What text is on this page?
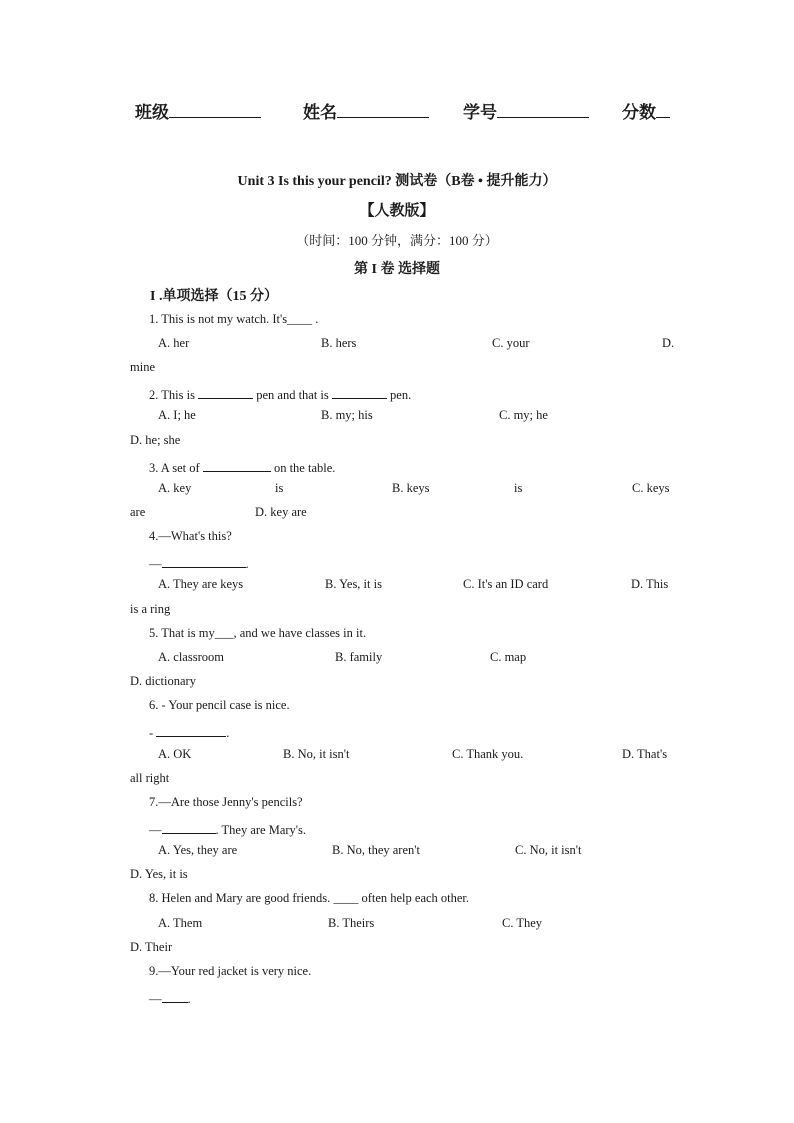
班级	姓名	学号	分数
Unit 3 Is this your pencil? 测试卷（B卷 • 提升能力）
【人教版】
（时间：100 分钟，满分：100 分）
第 I 卷 选择题
I .单项选择（15 分）
1. This is not my watch. It's____ .
A. her	B. hers	C. your	D.
mine
2. This is	pen and that is	pen.
A. I; he	B. my; his	C. my; he
D. he; she
3. A set of	on the table.
A. key	is	B. keys	is	C. keys
are	D. key are
4.—What's this?
—	.
A. They are keys	B. Yes, it is	C. It's an ID card	D. This
is a ring
5. That is my___, and we have classes in it.
A. classroom	B. family	C. map
D. dictionary
6. - Your pencil case is nice.
-	.
A. OK	B. No, it isn't	C. Thank you.	D. That's
all right
7.—Are those Jenny's pencils?
—	. They are Mary's.
A. Yes, they are	B. No, they aren't	C. No, it isn't
D. Yes, it is
8. Helen and Mary are good friends. ____ often help each other.
A. Them	B. Theirs	C. They
D. Their
9.—Your red jacket is very nice.
— .
